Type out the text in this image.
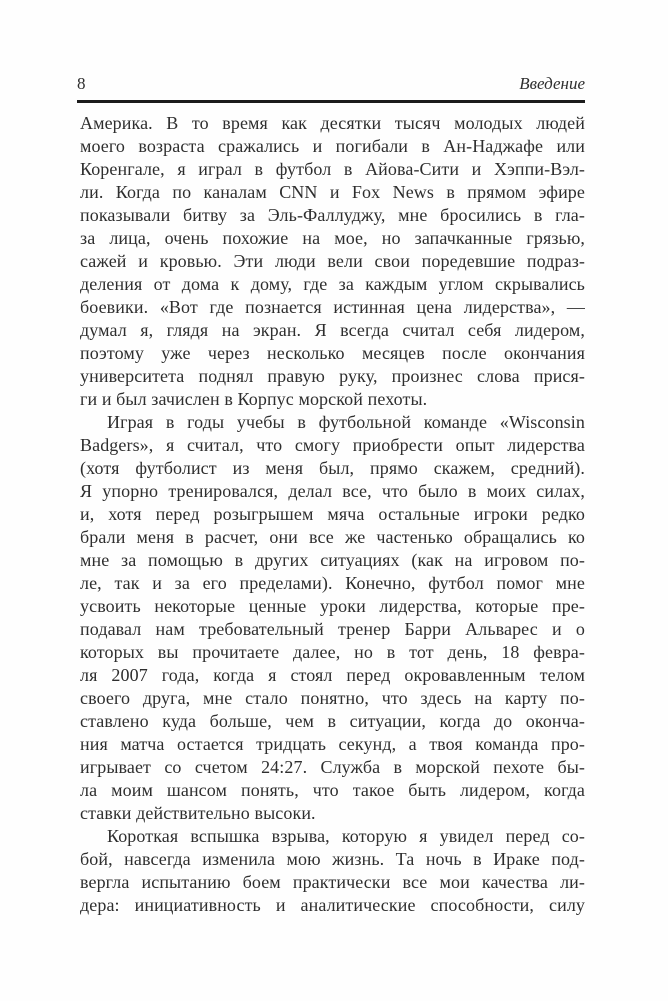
8	Введение
Америка. В то время как десятки тысяч молодых людей
моего возраста сражались и погибали в Ан-Наджафе или
Коренгале, я играл в футбол в Айова-Сити и Хэппи-Вэл-
ли. Когда по каналам CNN и Fox News в прямом эфире
показывали битву за Эль-Фаллуджу, мне бросились в гла-
за лица, очень похожие на мое, но запачканные грязью,
сажей и кровью. Эти люди вели свои поредевшие подраз-
деления от дома к дому, где за каждым углом скрывались
боевики. «Вот где познается истинная цена лидерства», —
думал я, глядя на экран. Я всегда считал себя лидером,
поэтому уже через несколько месяцев после окончания
университета поднял правую руку, произнес слова прися-
ги и был зачислен в Корпус морской пехоты.
Играя в годы учебы в футбольной команде «Wisconsin
Badgers», я считал, что смогу приобрести опыт лидерства
(хотя футболист из меня был, прямо скажем, средний).
Я упорно тренировался, делал все, что было в моих силах,
и, хотя перед розыгрышем мяча остальные игроки редко
брали меня в расчет, они все же частенько обращались ко
мне за помощью в других ситуациях (как на игровом по-
ле, так и за его пределами). Конечно, футбол помог мне
усвоить некоторые ценные уроки лидерства, которые пре-
подавал нам требовательный тренер Барри Альварес и о
которых вы прочитаете далее, но в тот день, 18 февра-
ля 2007 года, когда я стоял перед окровавленным телом
своего друга, мне стало понятно, что здесь на карту по-
ставлено куда больше, чем в ситуации, когда до оконча-
ния матча остается тридцать секунд, а твоя команда про-
игрывает со счетом 24:27. Служба в морской пехоте бы-
ла моим шансом понять, что такое быть лидером, когда
ставки действительно высоки.
Короткая вспышка взрыва, которую я увидел перед со-
бой, навсегда изменила мою жизнь. Та ночь в Ираке под-
вергла испытанию боем практически все мои качества ли-
дера: инициативность и аналитические способности, силу
